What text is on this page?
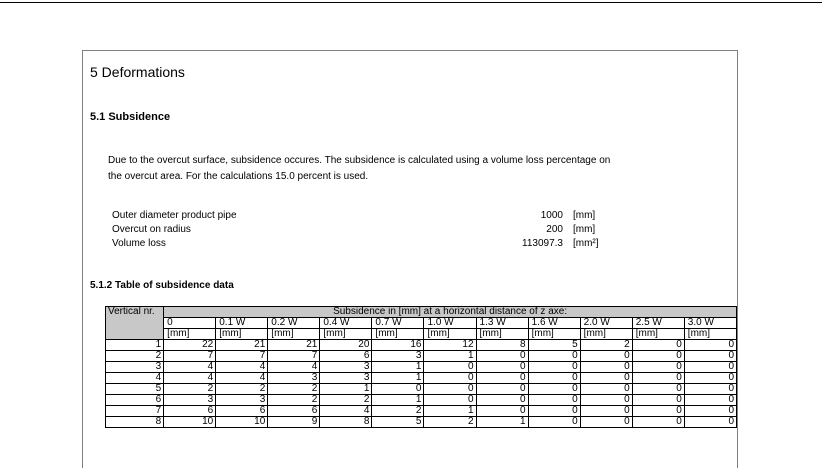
5 Deformations
5.1 Subsidence
Due to the overcut surface, subsidence occures. The subsidence is calculated using a volume loss percentage on
the overcut area. For the calculations 15.0 percent is used.
Outer diameter product pipe	1000	[mm]
Overcut on radius	200	[mm]
Volume loss	113097.3	[mm²]
5.1.2 Table of subsidence data
Vertical nr.	Subsidence in [mm] at a horizontal distance of z axe:										
	0	0.1 W	0.2 W	0.4 W	0.7 W	1.0 W	1.3 W	1.6 W	2.0 W	2.5 W	3.0 W
	[mm]	[mm]	[mm]	[mm]	[mm]	[mm]	[mm]	[mm]	[mm]	[mm]	[mm]
1	22	21	21	20	16	12	8	5	2	0	0
2	7	7	7	6	3	1	0	0	0	0	0
3	4	4	4	3	1	0	0	0	0	0	0
4	4	4	3	3	1	0	0	0	0	0	0
5	2	2	2	1	0	0	0	0	0	0	0
6	3	3	2	2	1	0	0	0	0	0	0
7	6	6	6	4	2	1	0	0	0	0	0
8	10	10	9	8	5	2	1	0	0	0	0
